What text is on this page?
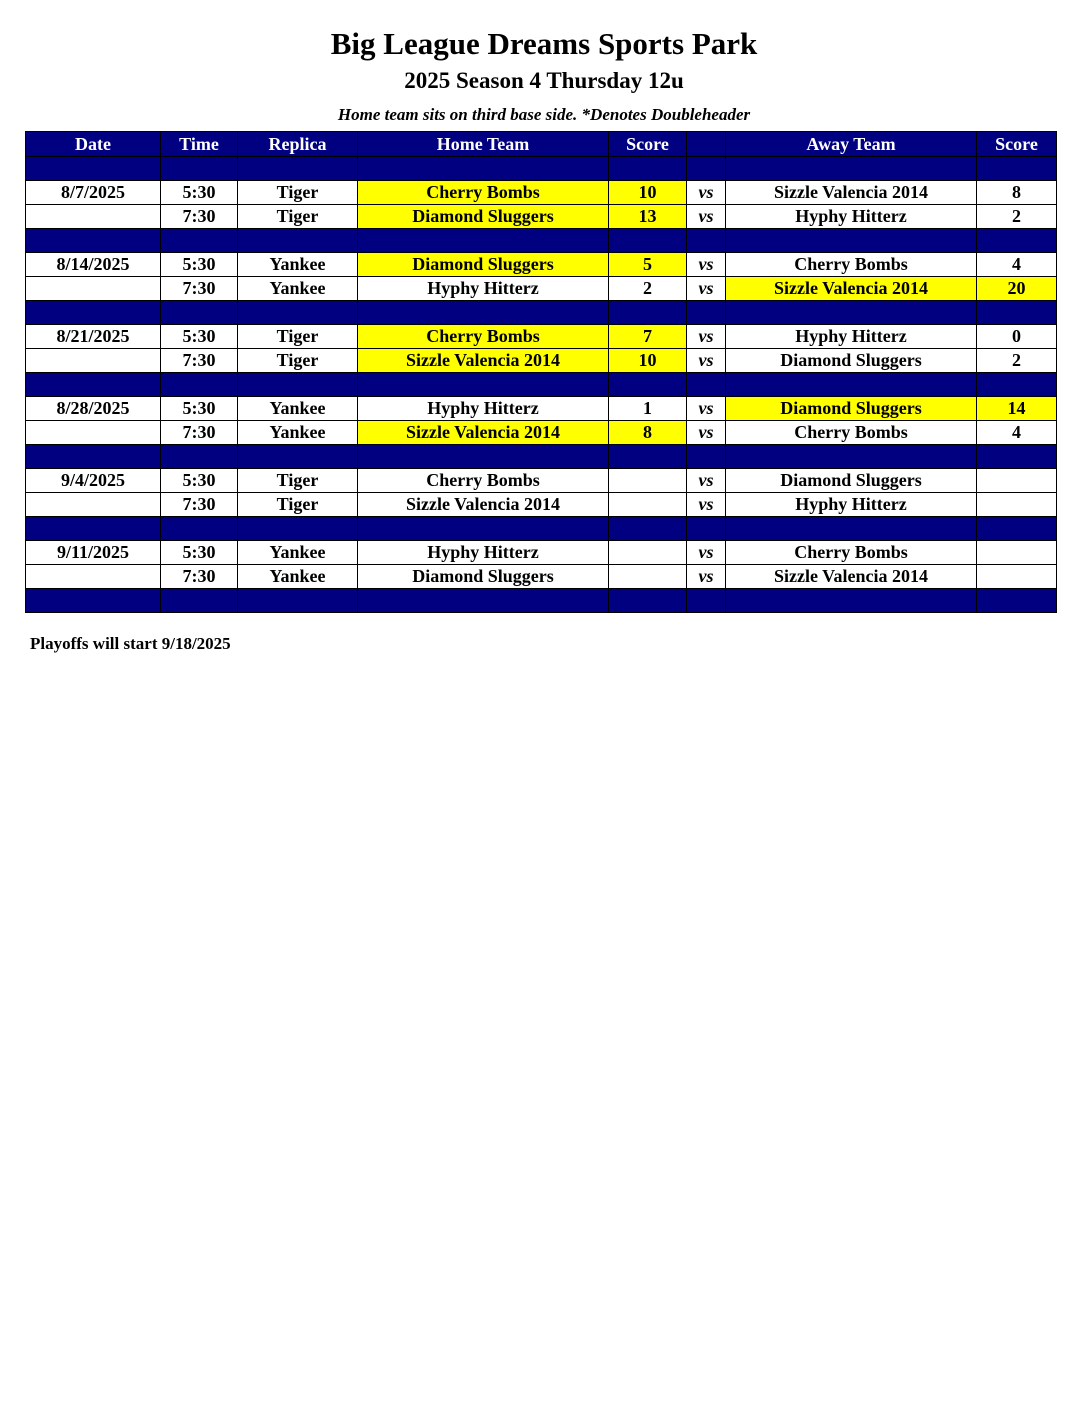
Big League Dreams Sports Park
2025 Season 4 Thursday 12u
Home team sits on third base side. *Denotes Doubleheader
Date	Time	Replica	Home Team	Score		Away Team	Score

8/7/2025	5:30	Tiger	Cherry Bombs	10	vs	Sizzle Valencia 2014	8
	7:30	Tiger	Diamond Sluggers	13	vs	Hyphy Hitterz	2

8/14/2025	5:30	Yankee	Diamond Sluggers	5	vs	Cherry Bombs	4
	7:30	Yankee	Hyphy Hitterz	2	vs	Sizzle Valencia 2014	20

8/21/2025	5:30	Tiger	Cherry Bombs	7	vs	Hyphy Hitterz	0
	7:30	Tiger	Sizzle Valencia 2014	10	vs	Diamond Sluggers	2

8/28/2025	5:30	Yankee	Hyphy Hitterz	1	vs	Diamond Sluggers	14
	7:30	Yankee	Sizzle Valencia 2014	8	vs	Cherry Bombs	4

9/4/2025	5:30	Tiger	Cherry Bombs		vs	Diamond Sluggers	
	7:30	Tiger	Sizzle Valencia 2014		vs	Hyphy Hitterz	

9/11/2025	5:30	Yankee	Hyphy Hitterz		vs	Cherry Bombs	
	7:30	Yankee	Diamond Sluggers		vs	Sizzle Valencia 2014	

Playoffs will start 9/18/2025
